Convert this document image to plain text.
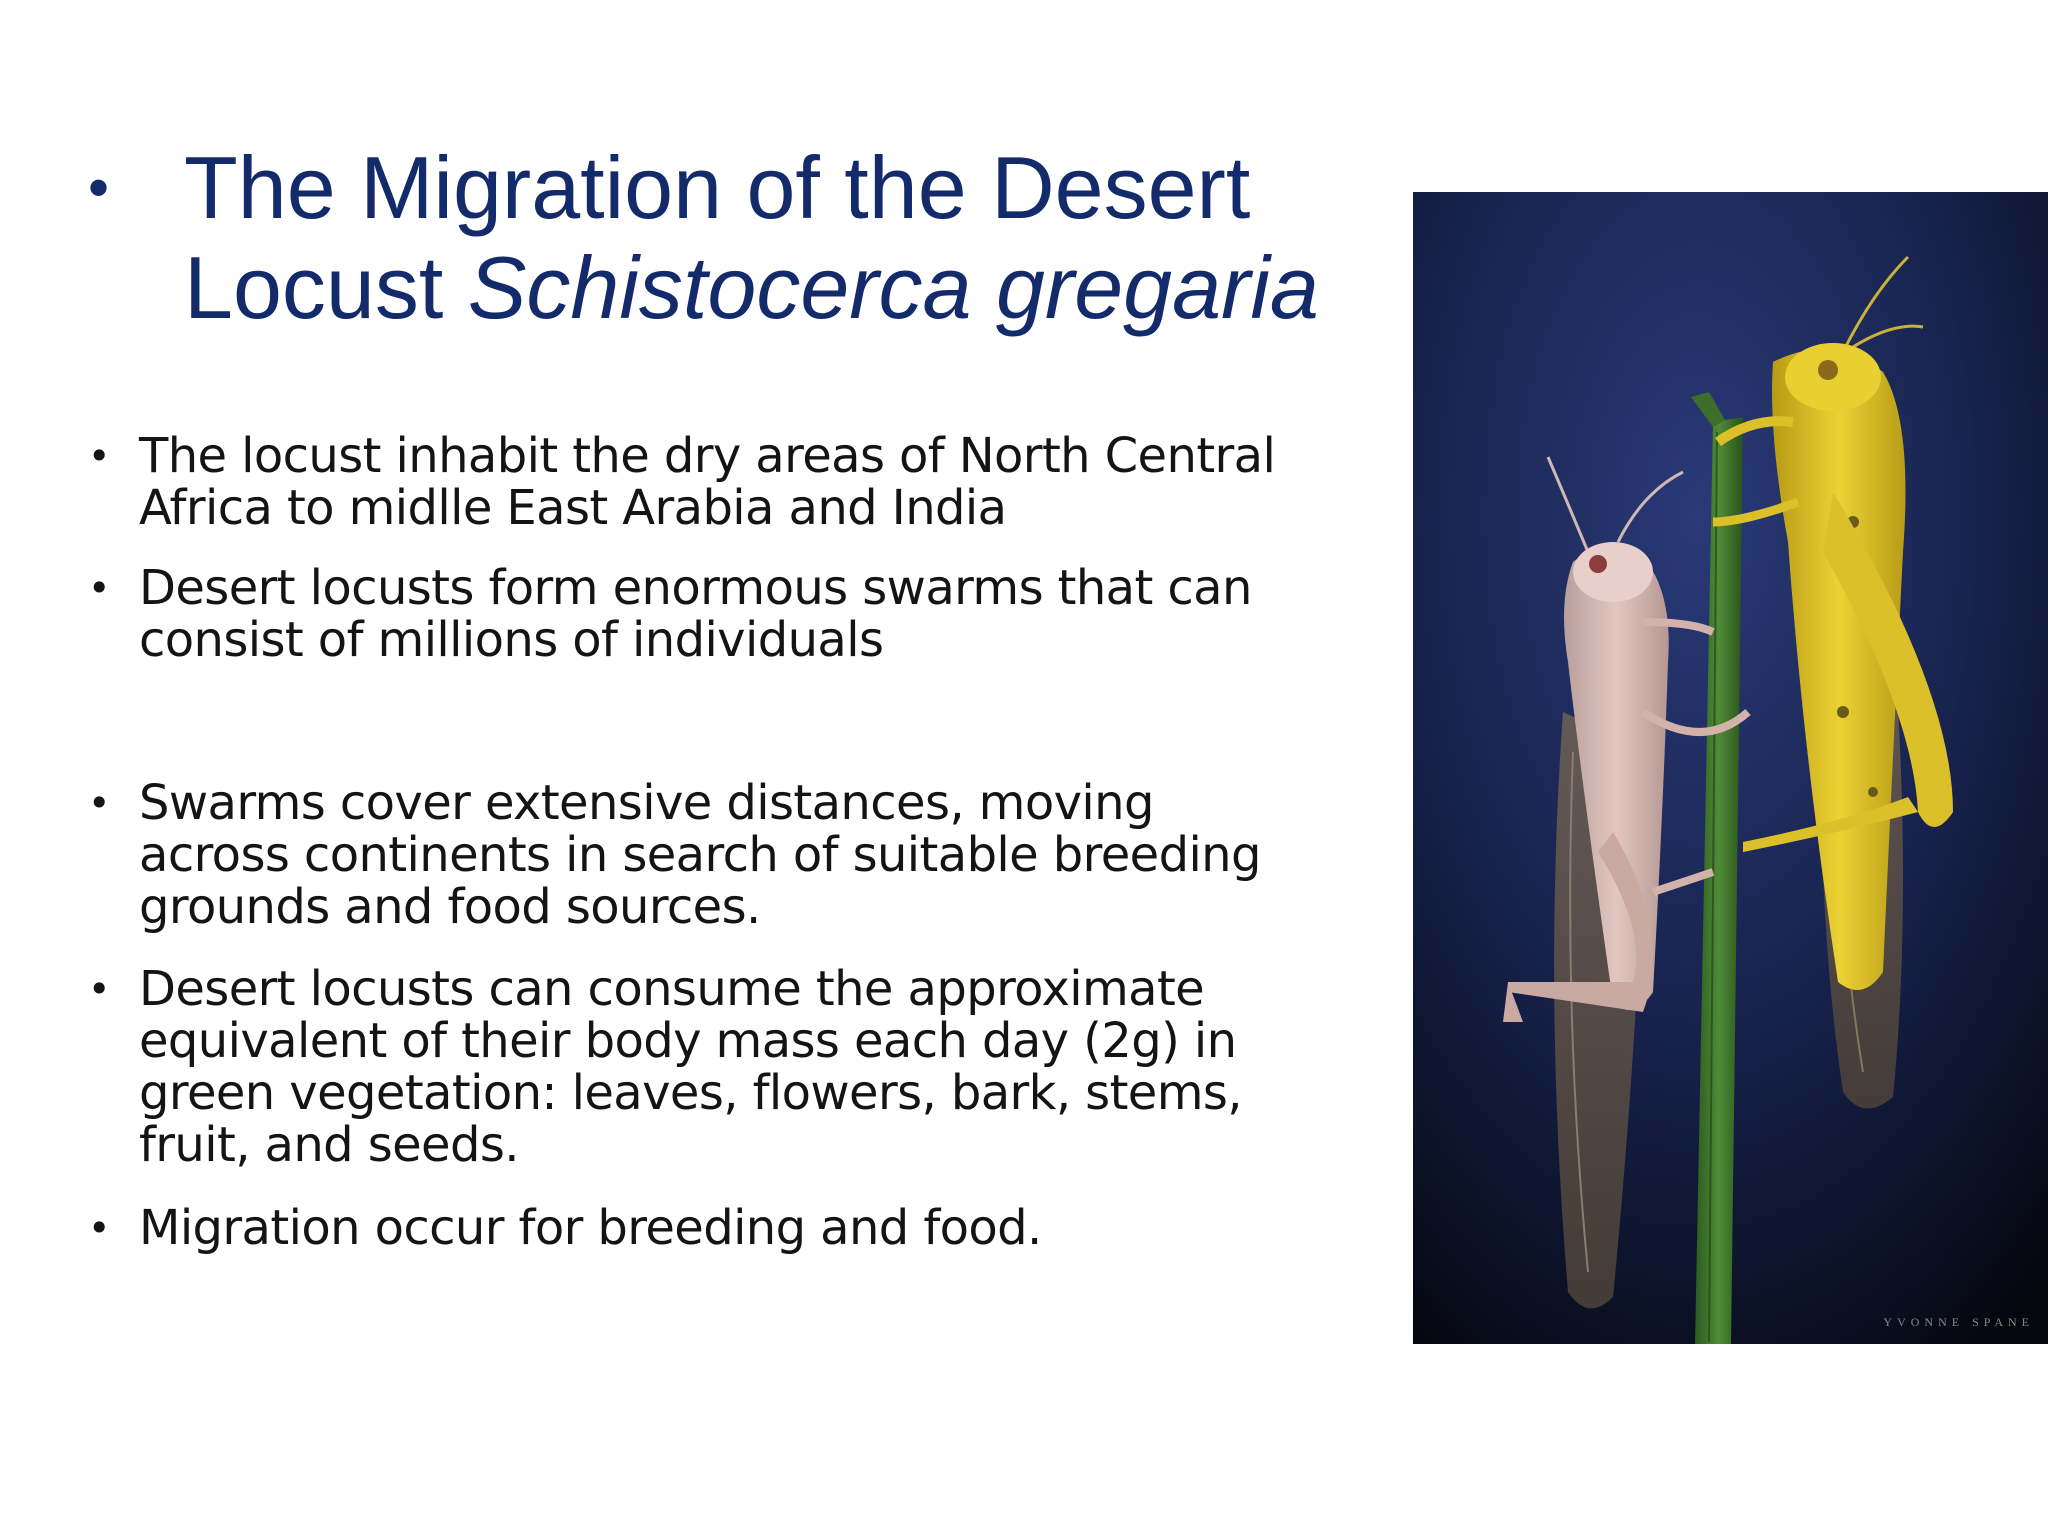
• The Migration of the Desert
Locust Schistocerca gregaria
• The locust inhabit the dry areas of North Central
Africa to midlle East Arabia and India
• Desert locusts form enormous swarms that can
consist of millions of individuals
• Swarms cover extensive distances, moving
across continents in search of suitable breeding
grounds and food sources.
• Desert locusts can consume the approximate
equivalent of their body mass each day (2g) in
green vegetation: leaves, flowers, bark, stems,
fruit, and seeds.
• Migration occur for breeding and food.
YVONNE SPANE
